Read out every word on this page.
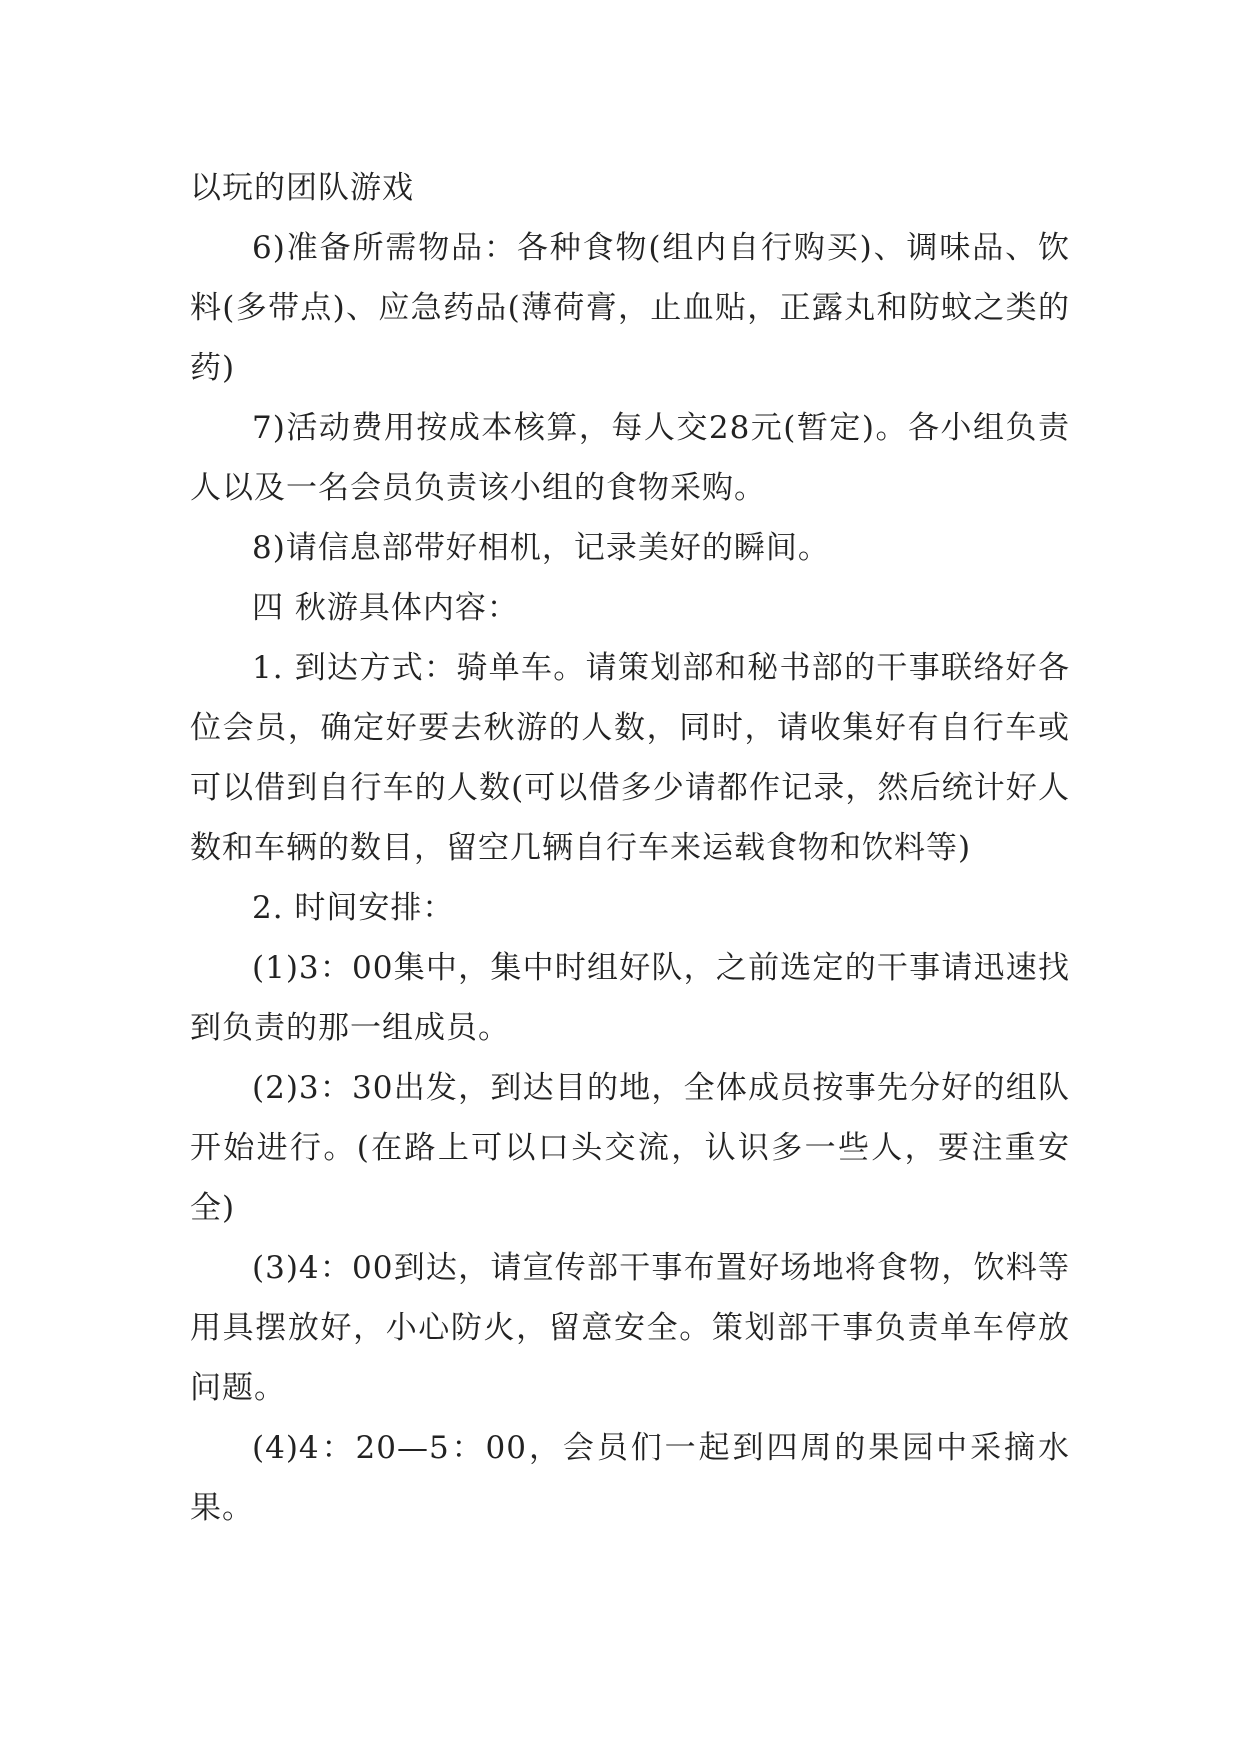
以玩的团队游戏

6)准备所需物品：各种食物(组内自行购买)、调味品、饮料(多带点)、应急药品(薄荷膏，止血贴，正露丸和防蚊之类的药)

7)活动费用按成本核算，每人交28元(暂定)。各小组负责人以及一名会员负责该小组的食物采购。

8)请信息部带好相机，记录美好的瞬间。

四 秋游具体内容：

1. 到达方式：骑单车。请策划部和秘书部的干事联络好各位会员，确定好要去秋游的人数，同时，请收集好有自行车或可以借到自行车的人数(可以借多少请都作记录，然后统计好人数和车辆的数目，留空几辆自行车来运载食物和饮料等)

2. 时间安排：

(1)3：00集中，集中时组好队，之前选定的干事请迅速找到负责的那一组成员。

(2)3：30出发，到达目的地，全体成员按事先分好的组队开始进行。(在路上可以口头交流，认识多一些人，要注重安全)

(3)4：00到达，请宣传部干事布置好场地将食物，饮料等用具摆放好，小心防火，留意安全。策划部干事负责单车停放问题。

(4)4：20—5：00，会员们一起到四周的果园中采摘水果。
